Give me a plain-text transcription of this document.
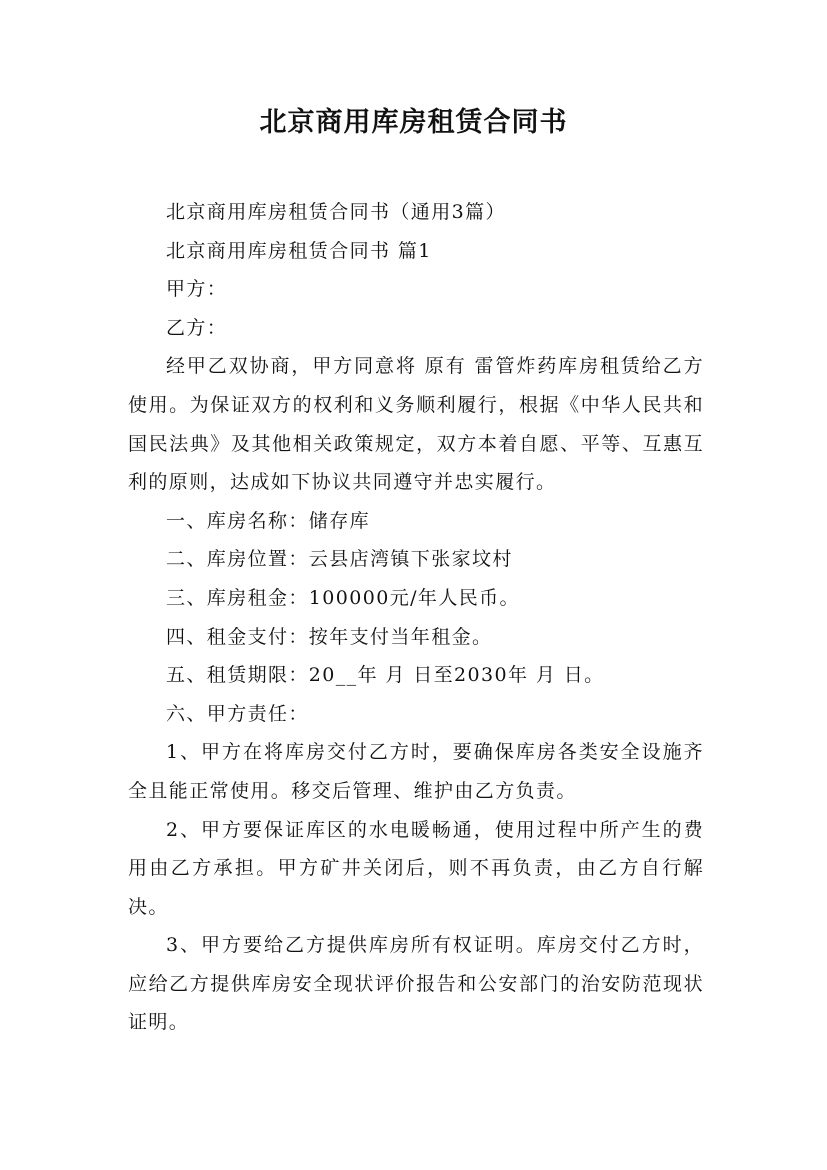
北京商用库房租赁合同书

北京商用库房租赁合同书（通用3篇）

北京商用库房租赁合同书 篇1

甲方：

乙方：

经甲乙双协商，甲方同意将 原有 雷管炸药库房租赁给乙方使用。为保证双方的权利和义务顺利履行，根据《中华人民共和国民法典》及其他相关政策规定，双方本着自愿、平等、互惠互利的原则，达成如下协议共同遵守并忠实履行。

一、库房名称：储存库

二、库房位置：云县店湾镇下张家坟村

三、库房租金：100000元/年人民币。

四、租金支付：按年支付当年租金。

五、租赁期限：20__年 月 日至2030年 月 日。

六、甲方责任：

1、甲方在将库房交付乙方时，要确保库房各类安全设施齐全且能正常使用。移交后管理、维护由乙方负责。

2、甲方要保证库区的水电暖畅通，使用过程中所产生的费用由乙方承担。甲方矿井关闭后，则不再负责，由乙方自行解决。

3、甲方要给乙方提供库房所有权证明。库房交付乙方时，应给乙方提供库房安全现状评价报告和公安部门的治安防范现状证明。
